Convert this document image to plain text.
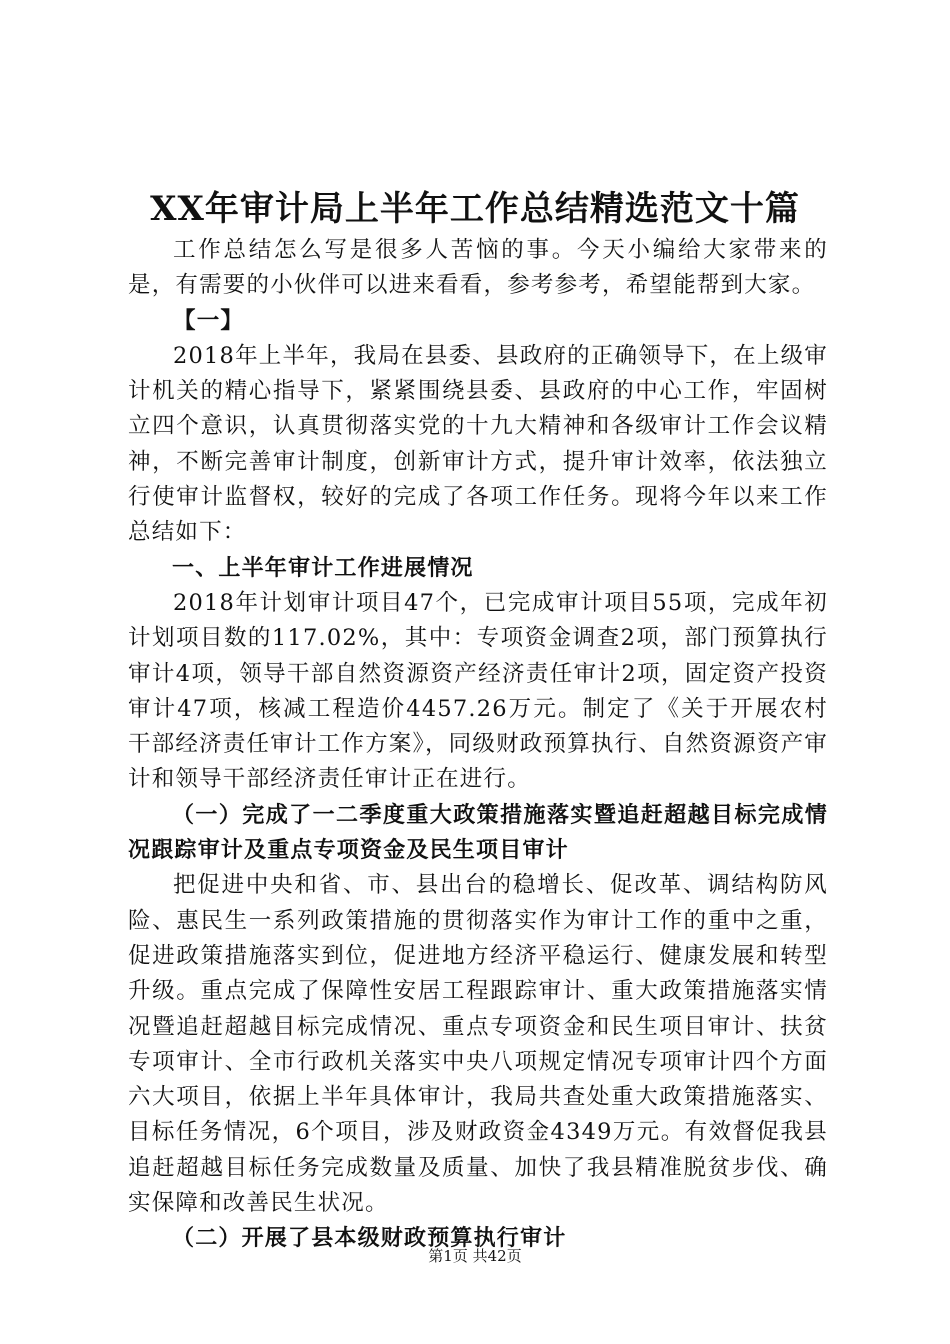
XX年审计局上半年工作总结精选范文十篇

工作总结怎么写是很多人苦恼的事。今天小编给大家带来的是，有需要的小伙伴可以进来看看，参考参考，希望能帮到大家。

【一】

2018年上半年，我局在县委、县政府的正确领导下，在上级审计机关的精心指导下，紧紧围绕县委、县政府的中心工作，牢固树立四个意识，认真贯彻落实党的十九大精神和各级审计工作会议精神，不断完善审计制度，创新审计方式，提升审计效率，依法独立行使审计监督权，较好的完成了各项工作任务。现将今年以来工作总结如下：

一、上半年审计工作进展情况

2018年计划审计项目47个，已完成审计项目55项，完成年初计划项目数的117.02%，其中：专项资金调查2项，部门预算执行审计4项，领导干部自然资源资产经济责任审计2项，固定资产投资审计47项，核减工程造价4457.26万元。制定了《关于开展农村干部经济责任审计工作方案》，同级财政预算执行、自然资源资产审计和领导干部经济责任审计正在进行。

（一）完成了一二季度重大政策措施落实暨追赶超越目标完成情况跟踪审计及重点专项资金及民生项目审计

把促进中央和省、市、县出台的稳增长、促改革、调结构防风险、惠民生一系列政策措施的贯彻落实作为审计工作的重中之重，促进政策措施落实到位，促进地方经济平稳运行、健康发展和转型升级。重点完成了保障性安居工程跟踪审计、重大政策措施落实情况暨追赶超越目标完成情况、重点专项资金和民生项目审计、扶贫专项审计、全市行政机关落实中央八项规定情况专项审计四个方面六大项目，依据上半年具体审计，我局共查处重大政策措施落实、目标任务情况，6个项目，涉及财政资金4349万元。有效督促我县追赶超越目标任务完成数量及质量、加快了我县精准脱贫步伐、确实保障和改善民生状况。

（二）开展了县本级财政预算执行审计

第1页 共42页
